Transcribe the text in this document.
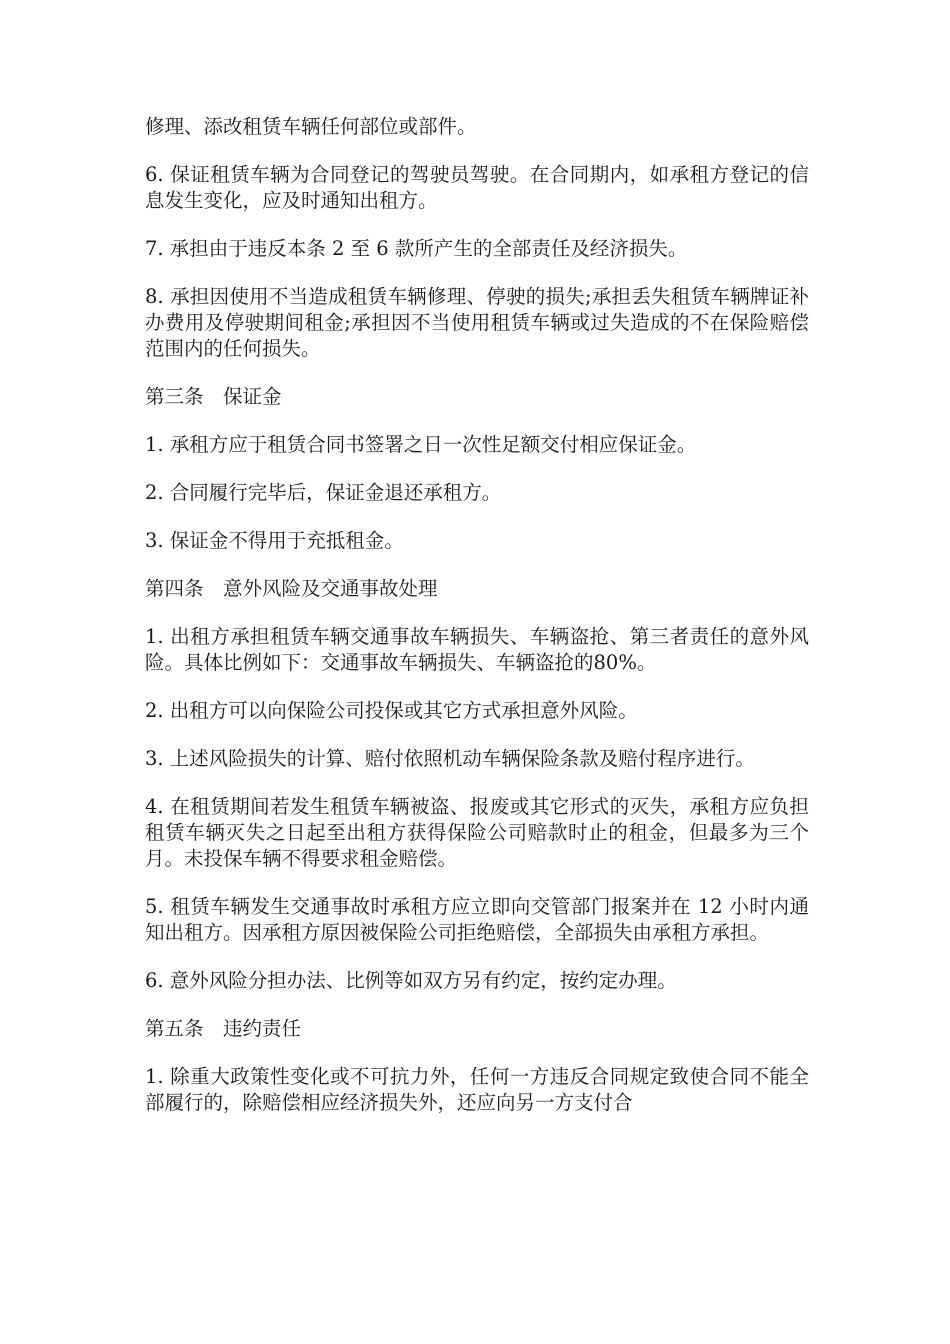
修理、添改租赁车辆任何部位或部件。

6. 保证租赁车辆为合同登记的驾驶员驾驶。在合同期内，如承租方登记的信息发生变化，应及时通知出租方。

7. 承担由于违反本条 2 至 6 款所产生的全部责任及经济损失。

8. 承担因使用不当造成租赁车辆修理、停驶的损失;承担丢失租赁车辆牌证补办费用及停驶期间租金;承担因不当使用租赁车辆或过失造成的不在保险赔偿范围内的任何损失。

第三条　保证金

1. 承租方应于租赁合同书签署之日一次性足额交付相应保证金。

2. 合同履行完毕后，保证金退还承租方。

3. 保证金不得用于充抵租金。

第四条　意外风险及交通事故处理

1. 出租方承担租赁车辆交通事故车辆损失、车辆盗抢、第三者责任的意外风险。具体比例如下：交通事故车辆损失、车辆盗抢的80%。

2. 出租方可以向保险公司投保或其它方式承担意外风险。

3. 上述风险损失的计算、赔付依照机动车辆保险条款及赔付程序进行。

4. 在租赁期间若发生租赁车辆被盗、报废或其它形式的灭失，承租方应负担租赁车辆灭失之日起至出租方获得保险公司赔款时止的租金，但最多为三个月。未投保车辆不得要求租金赔偿。

5. 租赁车辆发生交通事故时承租方应立即向交管部门报案并在 12 小时内通知出租方。因承租方原因被保险公司拒绝赔偿，全部损失由承租方承担。

6. 意外风险分担办法、比例等如双方另有约定，按约定办理。

第五条　违约责任

1. 除重大政策性变化或不可抗力外，任何一方违反合同规定致使合同不能全部履行的，除赔偿相应经济损失外，还应向另一方支付合
